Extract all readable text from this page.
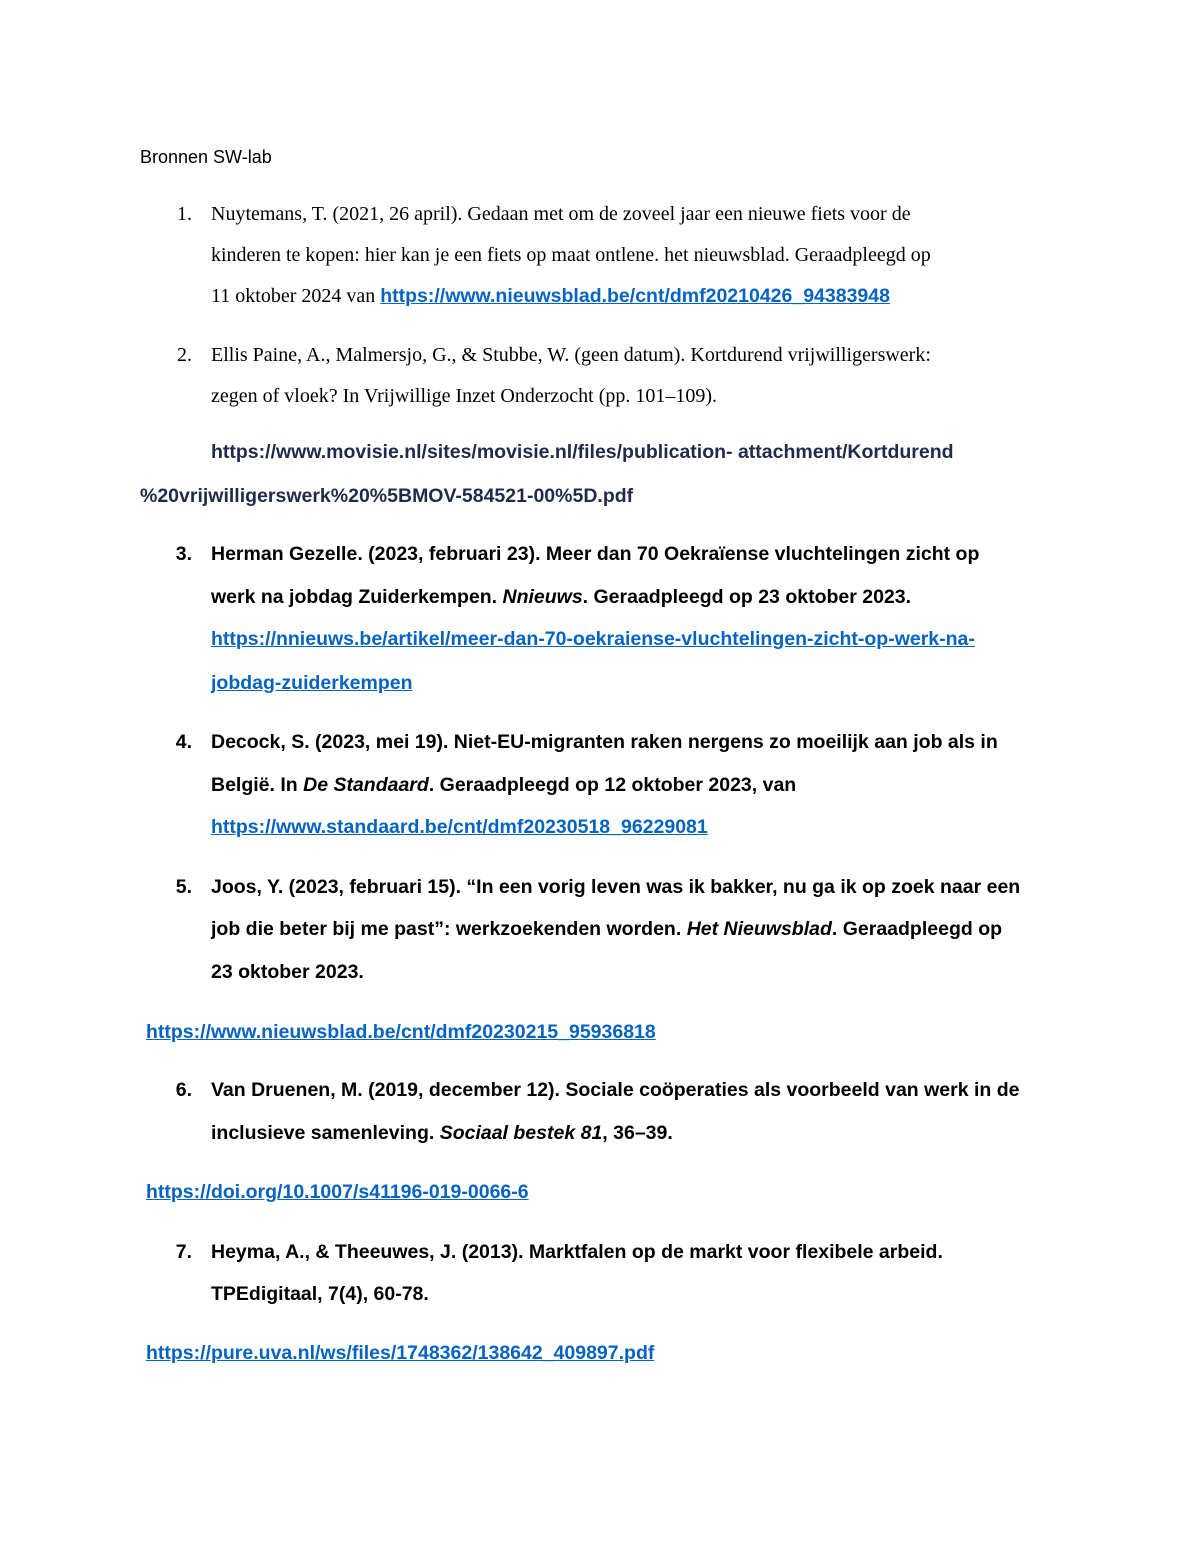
Bronnen SW-lab
1. Nuytemans, T. (2021, 26 april). Gedaan met om de zoveel jaar een nieuwe fiets voor de
kinderen te kopen: hier kan je een fiets op maat ontlene. het nieuwsblad. Geraadpleegd op
11 oktober 2024 van https://www.nieuwsblad.be/cnt/dmf20210426_94383948
2. Ellis Paine, A., Malmersjo, G., & Stubbe, W. (geen datum). Kortdurend vrijwilligerswerk:
zegen of vloek? In Vrijwillige Inzet Onderzocht (pp. 101–109).
https://www.movisie.nl/sites/movisie.nl/files/publication- attachment/Kortdurend
%20vrijwilligerswerk%20%5BMOV-584521-00%5D.pdf
3. Herman Gezelle. (2023, februari 23). Meer dan 70 Oekraïense vluchtelingen zicht op
werk na jobdag Zuiderkempen. Nnieuws. Geraadpleegd op 23 oktober 2023.
https://nnieuws.be/artikel/meer-dan-70-oekraiense-vluchtelingen-zicht-op-werk-na-
jobdag-zuiderkempen
4. Decock, S. (2023, mei 19). Niet-EU-migranten raken nergens zo moeilijk aan job als in
België. In De Standaard. Geraadpleegd op 12 oktober 2023, van
https://www.standaard.be/cnt/dmf20230518_96229081
5. Joos, Y. (2023, februari 15). “In een vorig leven was ik bakker, nu ga ik op zoek naar een
job die beter bij me past”: werkzoekenden worden. Het Nieuwsblad. Geraadpleegd op
23 oktober 2023.
https://www.nieuwsblad.be/cnt/dmf20230215_95936818
6. Van Druenen, M. (2019, december 12). Sociale coöperaties als voorbeeld van werk in de
inclusieve samenleving. Sociaal bestek 81, 36–39.
https://doi.org/10.1007/s41196-019-0066-6
7. Heyma, A., & Theeuwes, J. (2013). Marktfalen op de markt voor flexibele arbeid.
TPEdigitaal, 7(4), 60-78.
https://pure.uva.nl/ws/files/1748362/138642_409897.pdf
